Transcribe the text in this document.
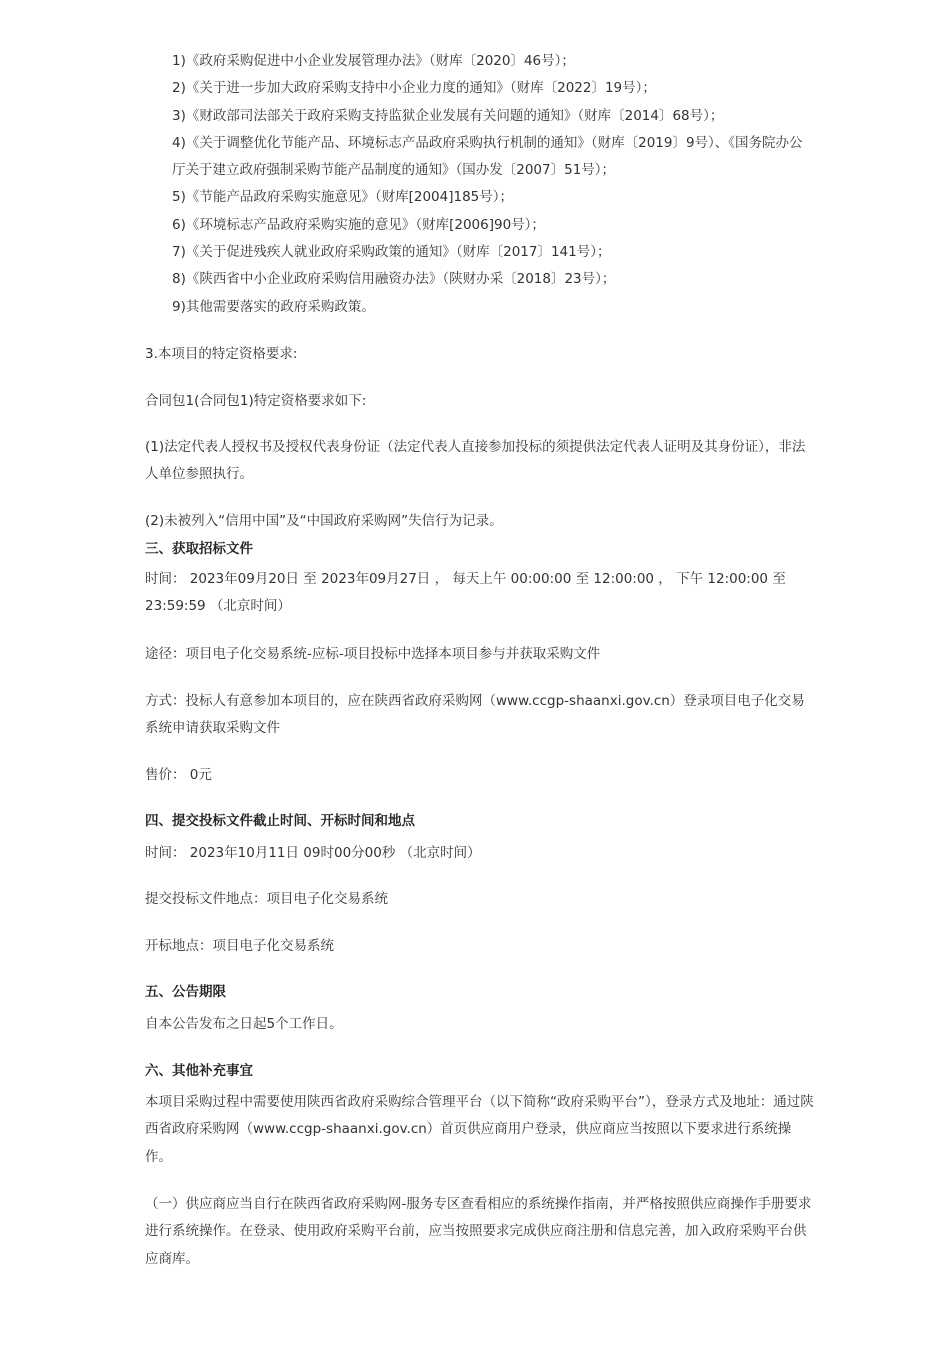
1)《政府采购促进中小企业发展管理办法》（财库〔2020〕46号）；
2)《关于进一步加大政府采购支持中小企业力度的通知》（财库〔2022〕19号）；
3)《财政部司法部关于政府采购支持监狱企业发展有关问题的通知》（财库〔2014〕68号）；
4)《关于调整优化节能产品、环境标志产品政府采购执行机制的通知》（财库〔2019〕9号）、《国务院办公厅关于建立政府强制采购节能产品制度的通知》（国办发〔2007〕51号）；
5)《节能产品政府采购实施意见》（财库[2004]185号）；
6)《环境标志产品政府采购实施的意见》（财库[2006]90号）；
7)《关于促进残疾人就业政府采购政策的通知》（财库〔2017〕141号）；
8)《陕西省中小企业政府采购信用融资办法》（陕财办采〔2018〕23号）；
9)其他需要落实的政府采购政策。

3.本项目的特定资格要求:

合同包1(合同包1)特定资格要求如下:

(1)法定代表人授权书及授权代表身份证（法定代表人直接参加投标的须提供法定代表人证明及其身份证），非法人单位参照执行。

(2)未被列入“信用中国”及“中国政府采购网”失信行为记录。

三、获取招标文件

时间： 2023年09月20日 至 2023年09月27日 ， 每天上午 00:00:00 至 12:00:00 ， 下午 12:00:00 至 23:59:59 （北京时间）

途径：项目电子化交易系统-应标-项目投标中选择本项目参与并获取采购文件

方式：投标人有意参加本项目的，应在陕西省政府采购网（www.ccgp-shaanxi.gov.cn）登录项目电子化交易系统申请获取采购文件

售价： 0元

四、提交投标文件截止时间、开标时间和地点

时间： 2023年10月11日 09时00分00秒 （北京时间）

提交投标文件地点：项目电子化交易系统

开标地点：项目电子化交易系统

五、公告期限

自本公告发布之日起5个工作日。

六、其他补充事宜

本项目采购过程中需要使用陕西省政府采购综合管理平台（以下简称“政府采购平台”），登录方式及地址：通过陕西省政府采购网（www.ccgp-shaanxi.gov.cn）首页供应商用户登录，供应商应当按照以下要求进行系统操作。

（一）供应商应当自行在陕西省政府采购网-服务专区查看相应的系统操作指南，并严格按照供应商操作手册要求进行系统操作。在登录、使用政府采购平台前，应当按照要求完成供应商注册和信息完善，加入政府采购平台供应商库。
